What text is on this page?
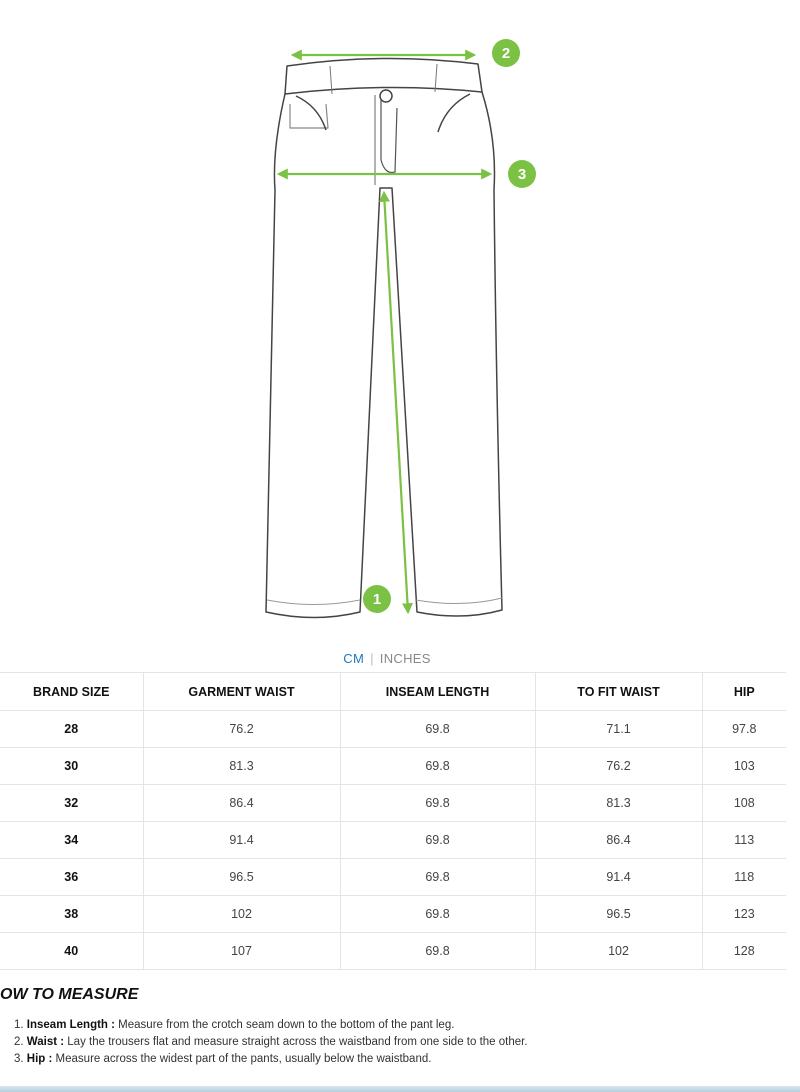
2
3
1
CM | INCHES
BRAND SIZE	GARMENT WAIST	INSEAM LENGTH	TO FIT WAIST	HIP
28	76.2	69.8	71.1	97.8
30	81.3	69.8	76.2	103
32	86.4	69.8	81.3	108
34	91.4	69.8	86.4	113
36	96.5	69.8	91.4	118
38	102	69.8	96.5	123
40	107	69.8	102	128
OW TO MEASURE
1. Inseam Length : Measure from the crotch seam down to the bottom of the pant leg.
2. Waist : Lay the trousers flat and measure straight across the waistband from one side to the other.
3. Hip : Measure across the widest part of the pants, usually below the waistband.
